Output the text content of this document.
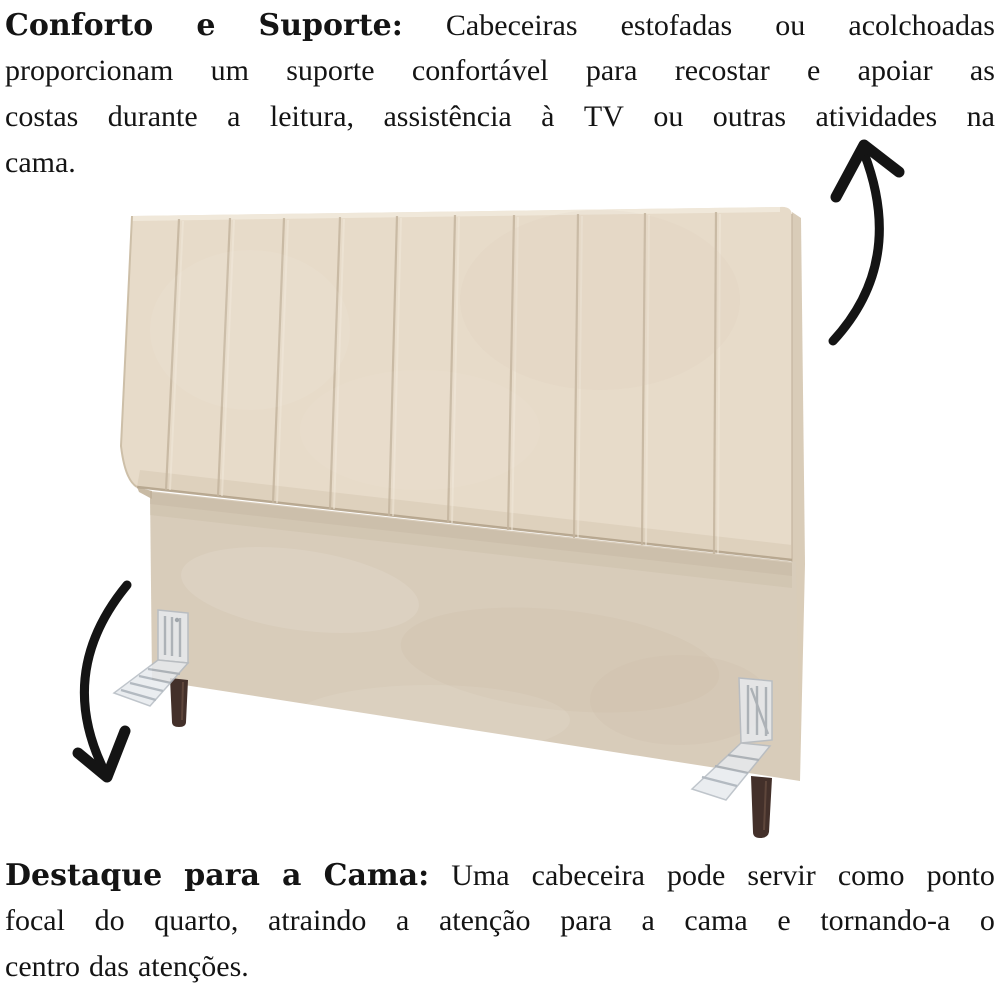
Conforto e Suporte: Cabeceiras estofadas ou acolchoadas
proporcionam um suporte confortável para recostar e apoiar as
costas durante a leitura, assistência à TV ou outras atividades na
cama.
Destaque para a Cama: Uma cabeceira pode servir como ponto
focal do quarto, atraindo a atenção para a cama e tornando-a o
centro das atenções.
